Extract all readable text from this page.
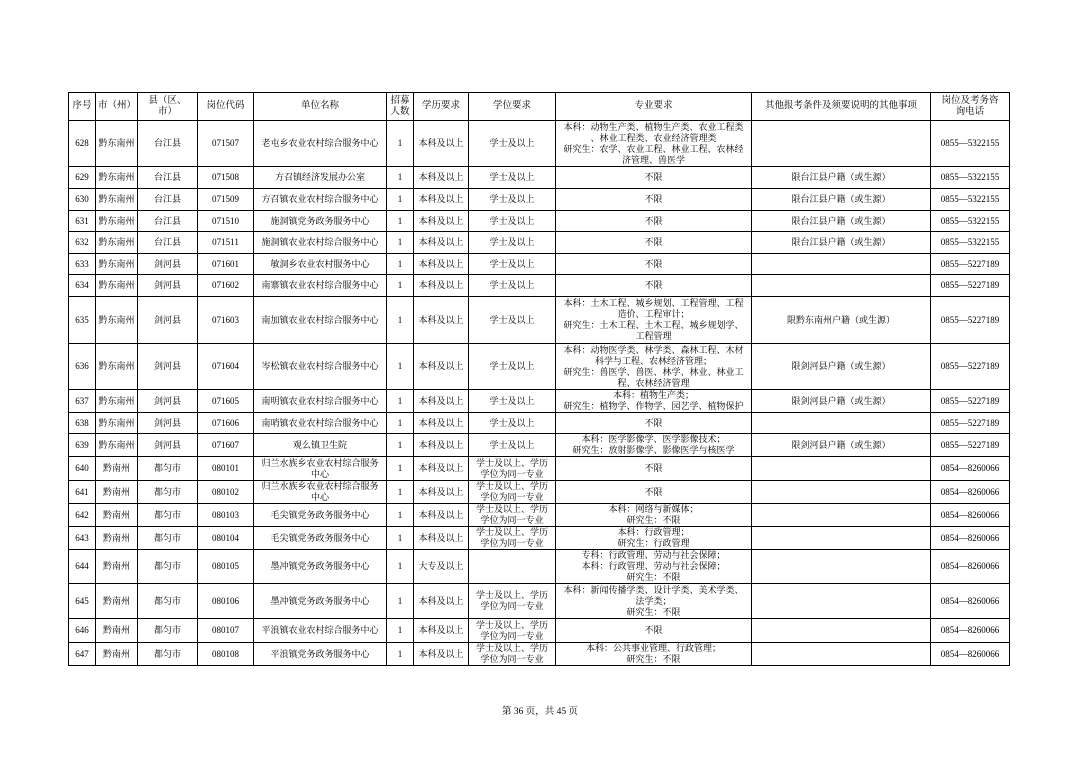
序号	市（州）	县（区、
市）	岗位代码	单位名称	招募
人数	学历要求	学位要求	专业要求	其他报考条件及须要说明的其他事项	岗位及考务咨
询电话

628	黔东南州	台江县	071507	老屯乡农业农村综合服务中心	1	本科及以上	学士及以上	本科：动物生产类、植物生产类、农业工程类
、林业工程类、农业经济管理类
研究生：农学、农业工程、林业工程、农林经
济管理、兽医学		0855—5322155
629	黔东南州	台江县	071508	方召镇经济发展办公室	1	本科及以上	学士及以上	不限	限台江县户籍（或生源）	0855—5322155
630	黔东南州	台江县	071509	方召镇农业农村综合服务中心	1	本科及以上	学士及以上	不限	限台江县户籍（或生源）	0855—5322155
631	黔东南州	台江县	071510	施洞镇党务政务服务中心	1	本科及以上	学士及以上	不限	限台江县户籍（或生源）	0855—5322155
632	黔东南州	台江县	071511	施洞镇农业农村综合服务中心	1	本科及以上	学士及以上	不限	限台江县户籍（或生源）	0855—5322155
633	黔东南州	剑河县	071601	敏洞乡农业农村服务中心	1	本科及以上	学士及以上	不限		0855—5227189
634	黔东南州	剑河县	071602	南寨镇农业农村综合服务中心	1	本科及以上	学士及以上	不限		0855—5227189
635	黔东南州	剑河县	071603	南加镇农业农村综合服务中心	1	本科及以上	学士及以上	本科：土木工程、城乡规划、工程管理、工程
造价、工程审计；
研究生：土木工程、土木工程、城乡规划学、
工程管理	限黔东南州户籍（或生源）	0855—5227189
636	黔东南州	剑河县	071604	岑松镇农业农村综合服务中心	1	本科及以上	学士及以上	本科：动物医学类、林学类、森林工程、木材
科学与工程、农林经济管理；
研究生：兽医学、兽医、林学、林业、林业工
程、农林经济管理	限剑河县户籍（或生源）	0855—5227189
637	黔东南州	剑河县	071605	南明镇农业农村综合服务中心	1	本科及以上	学士及以上	本科：植物生产类；
研究生：植物学、作物学、园艺学、植物保护	限剑河县户籍（或生源）	0855—5227189
638	黔东南州	剑河县	071606	南哨镇农业农村综合服务中心	1	本科及以上	学士及以上	不限		0855—5227189
639	黔东南州	剑河县	071607	观么镇卫生院	1	本科及以上	学士及以上	本科：医学影像学、医学影像技术；
研究生：放射影像学、影像医学与核医学	限剑河县户籍（或生源）	0855—5227189
640	黔南州	都匀市	080101	归兰水族乡农业农村综合服务
中心	1	本科及以上	学士及以上、学历
学位为同一专业	不限		0854—8260066
641	黔南州	都匀市	080102	归兰水族乡农业农村综合服务
中心	1	本科及以上	学士及以上、学历
学位为同一专业	不限		0854—8260066
642	黔南州	都匀市	080103	毛尖镇党务政务服务中心	1	本科及以上	学士及以上、学历
学位为同一专业	本科：网络与新媒体；
研究生：不限		0854—8260066
643	黔南州	都匀市	080104	毛尖镇党务政务服务中心	1	本科及以上	学士及以上、学历
学位为同一专业	本科：行政管理；
研究生：行政管理		0854—8260066
644	黔南州	都匀市	080105	墨冲镇党务政务服务中心	1	大专及以上		专科：行政管理、劳动与社会保障；
本科：行政管理、劳动与社会保障；
研究生：不限		0854—8260066
645	黔南州	都匀市	080106	墨冲镇党务政务服务中心	1	本科及以上	学士及以上、学历
学位为同一专业	本科：新闻传播学类、设计学类、美术学类、
法学类；
研究生：不限		0854—8260066
646	黔南州	都匀市	080107	平浪镇农业农村综合服务中心	1	本科及以上	学士及以上、学历
学位为同一专业	不限		0854—8260066
647	黔南州	都匀市	080108	平浪镇党务政务服务中心	1	本科及以上	学士及以上、学历
学位为同一专业	本科：公共事业管理、行政管理；
研究生：不限		0854—8260066
第 36 页，共 45 页
